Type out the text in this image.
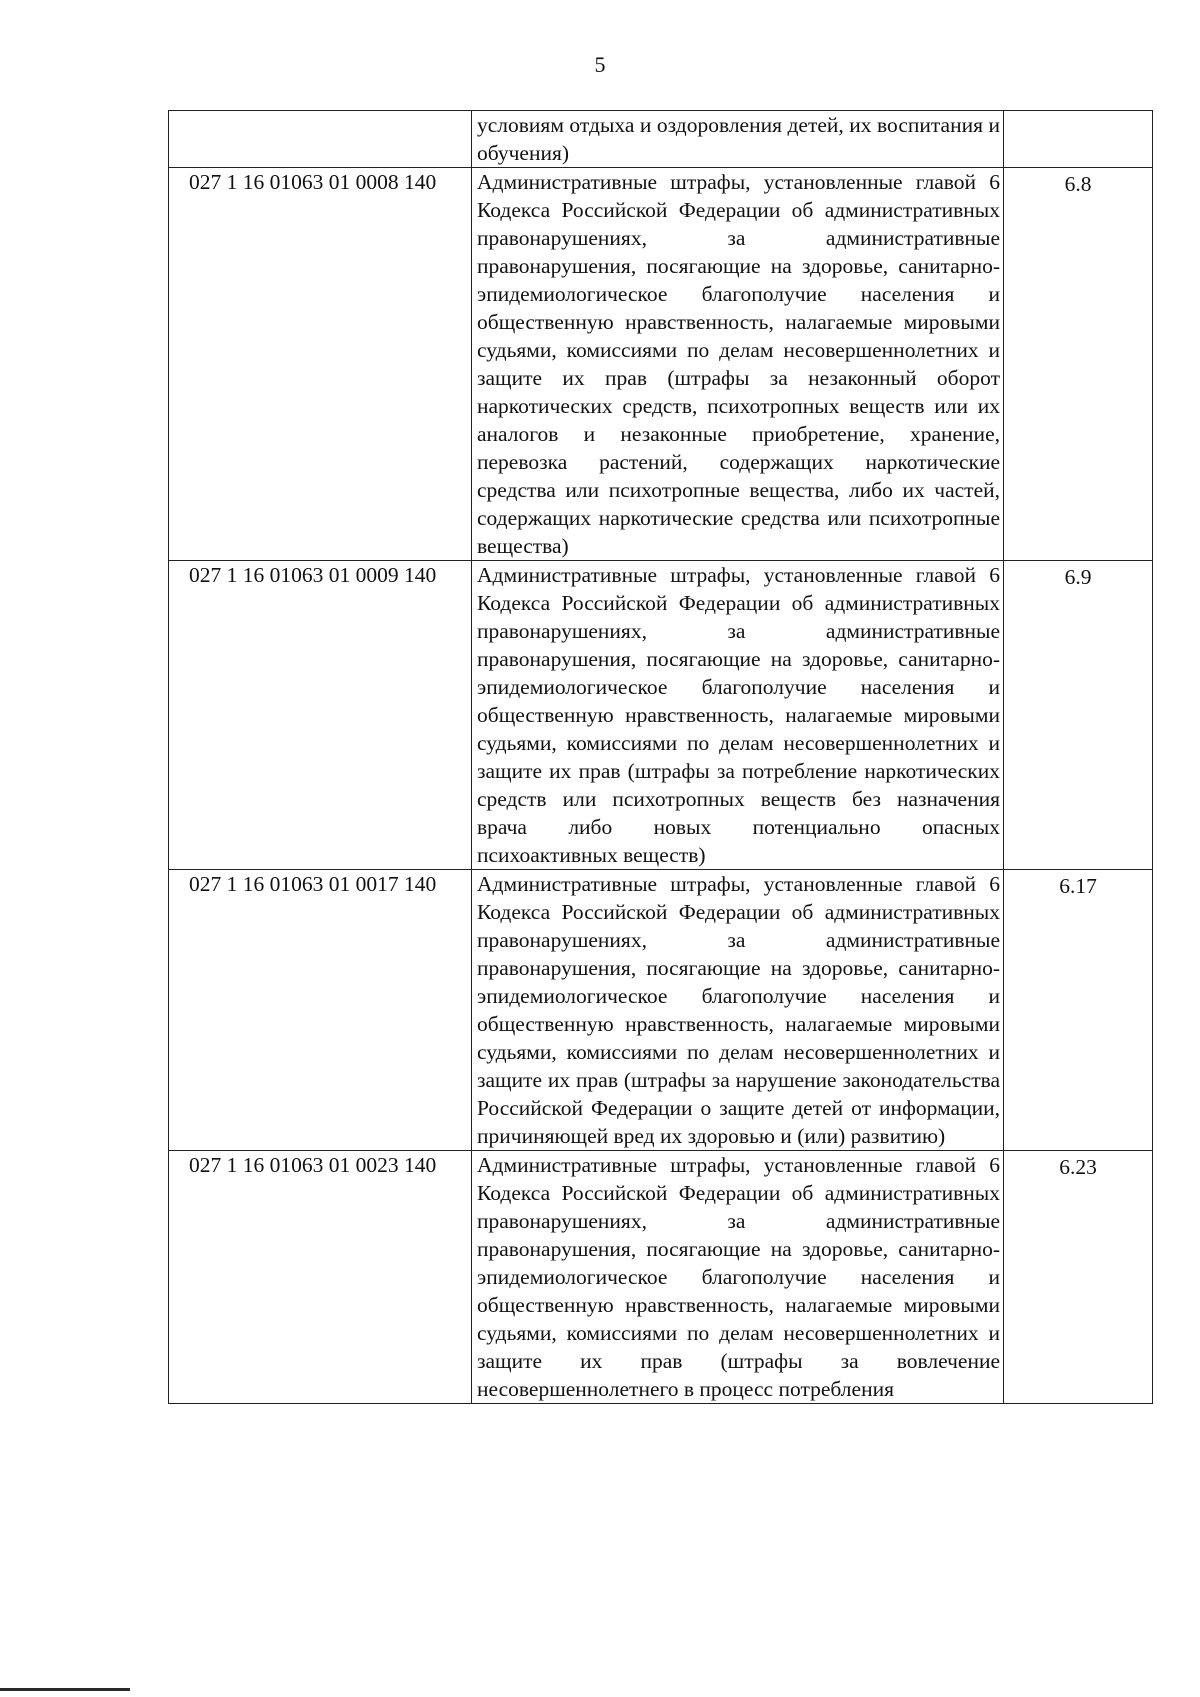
5
	условиям отдыха и оздоровления детей, их воспитания и обучения)	
027 1 16 01063 01 0008 140	Административные штрафы, установленные главой 6 Кодекса Российской Федерации об административных правонарушениях, за административные правонарушения, посягающие на здоровье, санитарно-эпидемиологическое благополучие населения и общественную нравственность, налагаемые мировыми судьями, комиссиями по делам несовершеннолетних и защите их прав (штрафы за незаконный оборот наркотических средств, психотропных веществ или их аналогов и незаконные приобретение, хранение, перевозка растений, содержащих наркотические средства или психотропные вещества, либо их частей, содержащих наркотические средства или психотропные вещества)	6.8
027 1 16 01063 01 0009 140	Административные штрафы, установленные главой 6 Кодекса Российской Федерации об административных правонарушениях, за административные правонарушения, посягающие на здоровье, санитарно-эпидемиологическое благополучие населения и общественную нравственность, налагаемые мировыми судьями, комиссиями по делам несовершеннолетних и защите их прав (штрафы за потребление наркотических средств или психотропных веществ без назначения врача либо новых потенциально опасных психоактивных веществ)	6.9
027 1 16 01063 01 0017 140	Административные штрафы, установленные главой 6 Кодекса Российской Федерации об административных правонарушениях, за административные правонарушения, посягающие на здоровье, санитарно-эпидемиологическое благополучие населения и общественную нравственность, налагаемые мировыми судьями, комиссиями по делам несовершеннолетних и защите их прав (штрафы за нарушение законодательства Российской Федерации о защите детей от информации, причиняющей вред их здоровью и (или) развитию)	6.17
027 1 16 01063 01 0023 140	Административные штрафы, установленные главой 6 Кодекса Российской Федерации об административных правонарушениях, за административные правонарушения, посягающие на здоровье, санитарно-эпидемиологическое благополучие населения и общественную нравственность, налагаемые мировыми судьями, комиссиями по делам несовершеннолетних и защите их прав (штрафы за вовлечение несовершеннолетнего в процесс потребления	6.23
